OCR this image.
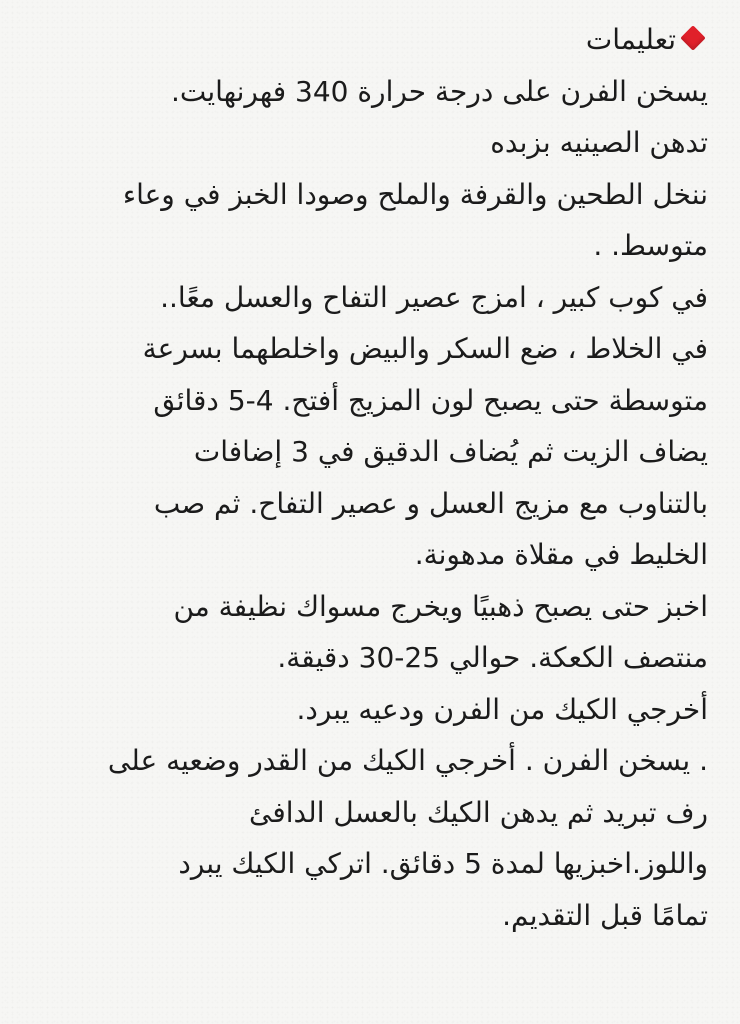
تعليمات
يسخن الفرن على درجة حرارة 340 فهرنهايت.
تدهن الصينيه بزبده
ننخل الطحين والقرفة والملح وصودا الخبز في وعاء
متوسط. .
في كوب كبير ، امزج عصير التفاح والعسل معًا..
في الخلاط ، ضع السكر والبيض واخلطهما بسرعة
متوسطة حتى يصبح لون المزيج أفتح. 4-5 دقائق
يضاف الزيت ثم يُضاف الدقيق في 3 إضافات
بالتناوب مع مزيج العسل و عصير التفاح. ثم صب
الخليط في مقلاة مدهونة.
اخبز حتى يصبح ذهبيًا ويخرج مسواك نظيفة من
منتصف الكعكة. حوالي 25-30 دقيقة.
أخرجي الكيك من الفرن ودعيه يبرد.
. يسخن الفرن . أخرجي الكيك من القدر وضعيه على
رف تبريد ثم يدهن الكيك بالعسل الدافئ
واللوز.اخبزيها لمدة 5 دقائق. اتركي الكيك يبرد
تمامًا قبل التقديم.
